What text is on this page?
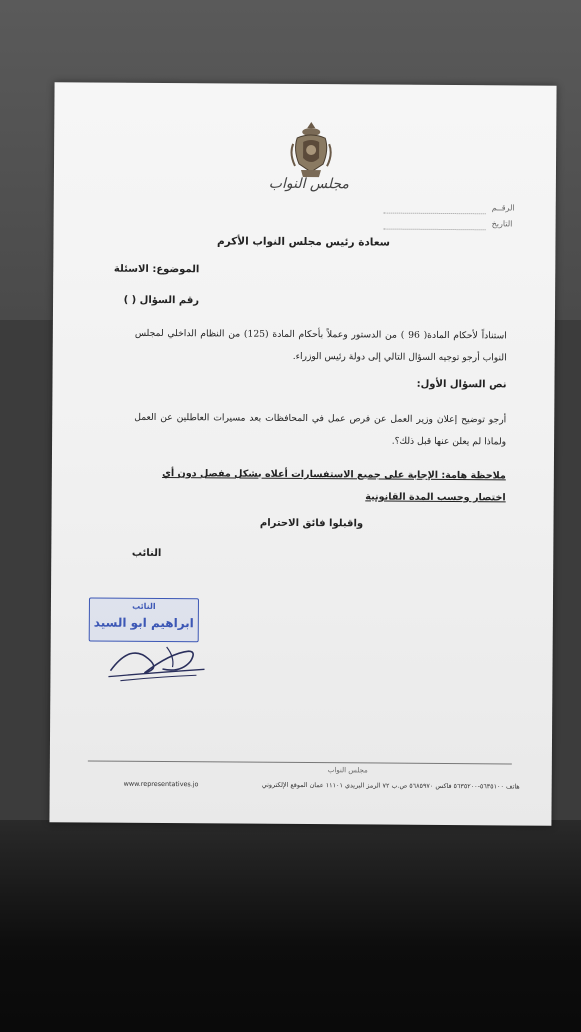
مجلس النواب
الرقــم
التاريخ
سعادة رئيس مجلس النواب الأكرم
الموضوع: الاسئلة
رقم السؤال ( )
استناداً لأحكام المادة( 96 ) من الدستور وعملاً بأحكام المادة (125) من النظام الداخلي لمجلس النواب أرجو توجيه السؤال التالي إلى دولة رئيس الوزراء.
نص السؤال الأول:
أرجو توضيح إعلان وزير العمل عن فرص عمل في المحافظات بعد مسيرات العاطلين عن العمل ولماذا لم يعلن عنها قبل ذلك؟.
ملاحظة هامة: الإجابة على جميع الاستفسارات أعلاه بشكل مفصل دون أي اختصار وحسب المدة القانونية
واقبلوا فائق الاحترام
النائب
النائب
ابراهيم ابو السيد
مجلس النواب
www.representatives.jo	هاتف ٥٦٣٥١٠٠-٥٦٣٥٢٠٠ فاكس ٥٦٨٥٩٧٠ ص.ب ٧٢ الرمز البريدي ١١١٠١ عمان الموقع الإلكتروني
